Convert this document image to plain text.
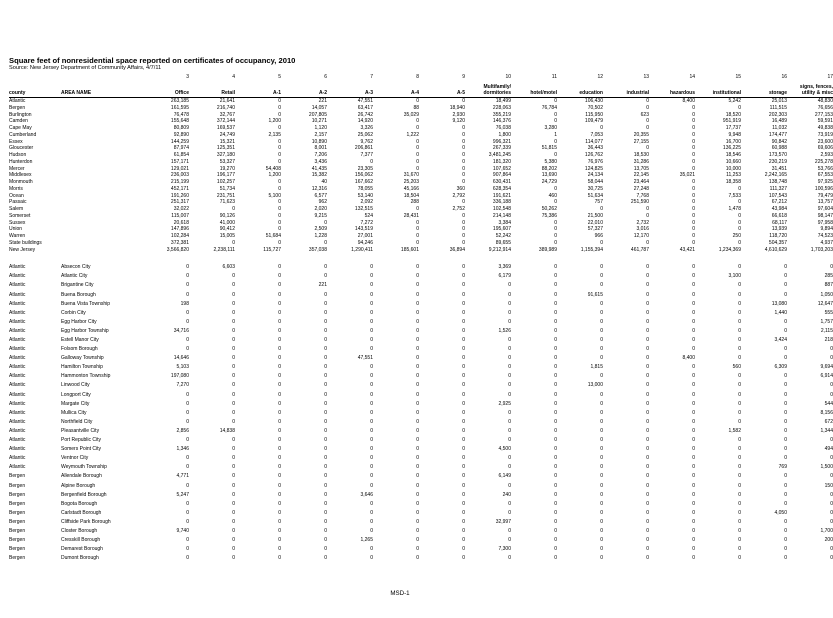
Square feet of nonresidential space reported on certificates of occupancy, 2010
Source: New Jersey Department of Community Affairs, 4/7/11
		3	4	5	6	7	8	9	10	11	12	13	14	15	16	17
county	AREA NAME	Office	Retail	A-1	A-2	A-3	A-4	A-5	Multifamily/ dormitories	hotel/motel	education	industrial	hazardous	institutional	storage	signs, fences, utility & misc
Atlantic		263,185	21,641	0	221	47,551	0	0	18,499	0	106,430	0	8,400	5,242	25,013	48,830
Bergen		161,595	216,740	0	14,057	63,417	88	18,940	228,063	76,784	70,502	0	0	0	111,515	76,656
Burlington		76,478	32,767	0	207,805	26,742	35,029	2,930	355,219	0	115,950	623	0	18,520	202,303	277,153
Camden		155,648	372,144	1,200	10,271	14,920	0	9,120	146,376	0	109,479	0	0	951,919	16,489	59,591
Cape May		80,809	169,537	0	1,120	3,326	0	0	76,038	3,280	0	0	0	17,737	11,032	49,838
Cumberland		92,890	24,749	2,135	2,157	25,062	1,222	0	1,800	1	7,053	20,355	0	9,948	174,477	73,919
Essex		144,259	15,321	0	10,890	9,762	0	0	996,321	0	114,077	27,155	0	16,700	90,842	23,600
Gloucester		87,974	125,351	0	8,001	206,861	0	0	267,339	51,815	36,443	0	0	136,225	60,988	69,606
Hudson		61,854	327,180	0	7,206	7,377	0	0	3,481,245	0	126,762	18,530	0	18,546	173,570	2,593
Hunterdon		157,171	53,327	0	3,436	0	0	0	181,320	5,380	76,976	31,286	0	10,660	230,219	225,278
Mercer		129,021	19,270	54,408	41,435	23,305	0	0	107,652	88,202	124,825	13,705	0	10,000	31,451	53,766
Middlesex		236,003	196,177	1,200	15,382	156,062	31,670	0	907,864	13,690	24,134	22,145	35,021	11,253	2,242,165	67,553
Monmouth		215,199	102,257	0	40	167,662	25,203	0	630,431	24,729	58,044	23,464	0	18,358	138,748	97,925
Morris		452,171	51,734	0	12,316	78,055	45,166	360	628,354	0	30,725	27,248	0	0	111,327	100,596
Ocean		191,260	231,751	5,100	6,577	53,140	18,504	2,792	191,621	460	51,634	7,768	0	7,533	107,543	79,479
Passaic		251,317	71,623	0	962	2,092	288	0	336,188	0	757	251,590	0	0	67,212	13,757
Salem		32,022	0	0	2,020	132,515	0	2,752	102,548	50,262	0	0	0	1,478	43,984	97,604
Somerset		115,007	90,126	0	9,215	524	28,431	0	214,148	75,386	21,500	0	0	0	66,618	98,147
Sussex		20,618	41,000	0	0	7,272	0	0	3,384	0	22,010	2,732	0	0	68,117	97,958
Union		147,896	90,412	0	2,509	143,519	0	0	195,607	0	57,327	3,016	0	0	13,939	9,894
Warren		102,284	15,005	51,684	1,228	27,001	0	0	52,242	0	966	12,170	0	250	118,720	74,523
State buildings		372,381	0	0	0	94,246	0	0	89,655	0	0	0	0	0	504,357	4,937
New Jersey		3,566,820	2,238,111	115,727	357,038	1,290,411	185,601	36,894	9,212,914	389,989	1,155,394	461,787	43,421	1,234,369	4,610,629	1,703,203

Atlantic	Absecon City	0	6,603	0	0	0	0	0	3,369	0	0	0	0	0	0	0
Atlantic	Atlantic City	0	0	0	0	0	0	0	6,179	0	0	0	0	3,100	0	285
Atlantic	Brigantine City	0	0	0	221	0	0	0	0	0	0	0	0	0	0	887
Atlantic	Buena Borough	0	0	0	0	0	0	0	0	0	91,615	0	0	0	0	1,050
Atlantic	Buena Vista Township	198	0	0	0	0	0	0	0	0	0	0	0	0	13,080	12,647
Atlantic	Corbin City	0	0	0	0	0	0	0	0	0	0	0	0	0	1,440	555
Atlantic	Egg Harbor City	0	0	0	0	0	0	0	0	0	0	0	0	0	0	1,757
Atlantic	Egg Harbor Township	34,716	0	0	0	0	0	0	1,526	0	0	0	0	0	0	2,115
Atlantic	Estell Manor City	0	0	0	0	0	0	0	0	0	0	0	0	0	3,424	218
Atlantic	Folsom Borough	0	0	0	0	0	0	0	0	0	0	0	0	0	0	0
Atlantic	Galloway Township	14,646	0	0	0	47,551	0	0	0	0	0	0	8,400	0	0	0
Atlantic	Hamilton Township	5,103	0	0	0	0	0	0	0	0	1,815	0	0	560	6,309	9,694
Atlantic	Hammonton Township	197,080	0	0	0	0	0	0	0	0	0	0	0	0	0	6,914
Atlantic	Linwood City	7,270	0	0	0	0	0	0	0	0	13,000	0	0	0	0	0
Atlantic	Longport City	0	0	0	0	0	0	0	0	0	0	0	0	0	0	0
Atlantic	Margate City	0	0	0	0	0	0	0	2,925	0	0	0	0	0	0	544
Atlantic	Mullica City	0	0	0	0	0	0	0	0	0	0	0	0	0	0	8,156
Atlantic	Northfield City	0	0	0	0	0	0	0	0	0	0	0	0	0	0	672
Atlantic	Pleasantville City	2,856	14,838	0	0	0	0	0	0	0	0	0	0	1,582	0	1,344
Atlantic	Port Republic City	0	0	0	0	0	0	0	0	0	0	0	0	0	0	0
Atlantic	Somers Point City	1,346	0	0	0	0	0	0	4,500	0	0	0	0	0	0	494
Atlantic	Ventnor City	0	0	0	0	0	0	0	0	0	0	0	0	0	0	0
Atlantic	Weymouth Township	0	0	0	0	0	0	0	0	0	0	0	0	0	769	1,500
Bergen	Allendale Borough	4,771	0	0	0	0	0	0	6,149	0	0	0	0	0	0	0
Bergen	Alpine Borough	0	0	0	0	0	0	0	0	0	0	0	0	0	0	150
Bergen	Bergenfield Borough	5,247	0	0	0	3,646	0	0	240	0	0	0	0	0	0	0
Bergen	Bogota Borough	0	0	0	0	0	0	0	0	0	0	0	0	0	0	0
Bergen	Carlstadt Borough	0	0	0	0	0	0	0	0	0	0	0	0	0	4,050	0
Bergen	Cliffside Park Borough	0	0	0	0	0	0	0	32,997	0	0	0	0	0	0	0
Bergen	Closter Borough	9,740	0	0	0	0	0	0	0	0	0	0	0	0	0	1,700
Bergen	Cresskill Borough	0	0	0	0	1,265	0	0	0	0	0	0	0	0	0	200
Bergen	Demarest Borough	0	0	0	0	0	0	0	7,300	0	0	0	0	0	0	0
Bergen	Dumont Borough	0	0	0	0	0	0	0	0	0	0	0	0	0	0	0
MSD-1
